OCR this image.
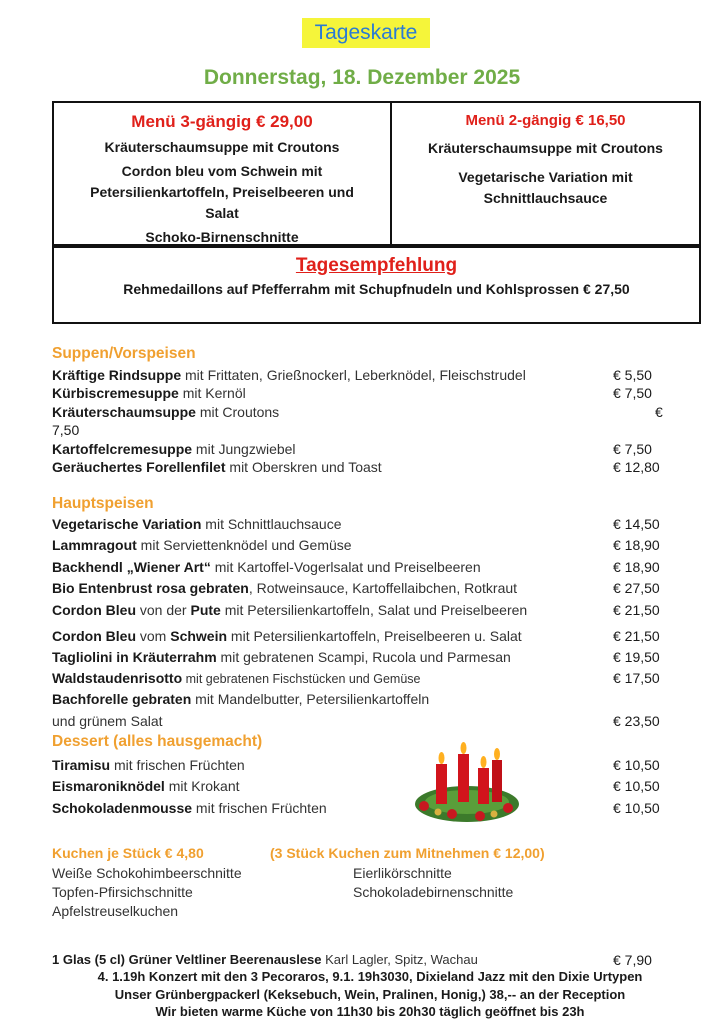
Tageskarte
Donnerstag, 18. Dezember 2025
Menü 3-gängig € 29,00
Kräuterschaumsuppe mit Croutons
Cordon bleu vom Schwein mit
Petersilienkartoffeln, Preiselbeeren und
Salat
Schoko-Birnenschnitte
Menü 2-gängig € 16,50
Kräuterschaumsuppe mit Croutons
Vegetarische Variation mit
Schnittlauchsauce
Tagesempfehlung
Rehmedaillons auf Pfefferrahm mit Schupfnudeln und Kohlsprossen € 27,50
Suppen/Vorspeisen
Kräftige Rindsuppe mit Frittaten, Grießnockerl, Leberknödel, Fleischstrudel	€ 5,50
Kürbiscremesuppe mit Kernöl	€ 7,50
Kräuterschaumsuppe mit Croutons	€
7,50
Kartoffelcremesuppe mit Jungzwiebel	€ 7,50
Geräuchertes Forellenfilet mit Oberskren und Toast	€ 12,80
Hauptspeisen
Vegetarische Variation mit Schnittlauchsauce	€ 14,50
Lammragout mit Serviettenknödel und Gemüse	€ 18,90
Backhendl „Wiener Art“ mit Kartoffel-Vogerlsalat und Preiselbeeren	€ 18,90
Bio Entenbrust rosa gebraten, Rotweinsauce, Kartoffellaibchen, Rotkraut	€ 27,50
Cordon Bleu von der Pute mit Petersilienkartoffeln, Salat und Preiselbeeren	€ 21,50
Cordon Bleu vom Schwein mit Petersilienkartoffeln, Preiselbeeren u. Salat	€ 21,50
Tagliolini in Kräuterrahm mit gebratenen Scampi, Rucola und Parmesan	€ 19,50
Waldstaudenrisotto mit gebratenen Fischstücken und Gemüse	€ 17,50
Bachforelle gebraten mit Mandelbutter, Petersilienkartoffeln
und grünem Salat	€ 23,50
Dessert (alles hausgemacht)
Tiramisu mit frischen Früchten	€ 10,50
Eismaroniknödel mit Krokant	€ 10,50
Schokoladenmousse mit frischen Früchten	€ 10,50
Kuchen je Stück € 4,80	(3 Stück Kuchen zum Mitnehmen € 12,00)
Weiße Schokohimbeerschnitte
Topfen-Pfirsichschnitte
Apfelstreuselkuchen
Eierlikörschnitte
Schokoladebirnenschnitte
1 Glas (5 cl) Grüner Veltliner Beerenauslese Karl Lagler, Spitz, Wachau	€ 7,90
4. 1.19h Konzert mit den 3 Pecoraros, 9.1. 19h3030, Dixieland Jazz mit den Dixie Urtypen
Unser Grünbergpackerl (Keksebuch, Wein, Pralinen, Honig,) 38,-- an der Reception
Wir bieten warme Küche von 11h30 bis 20h30 täglich geöffnet bis 23h
